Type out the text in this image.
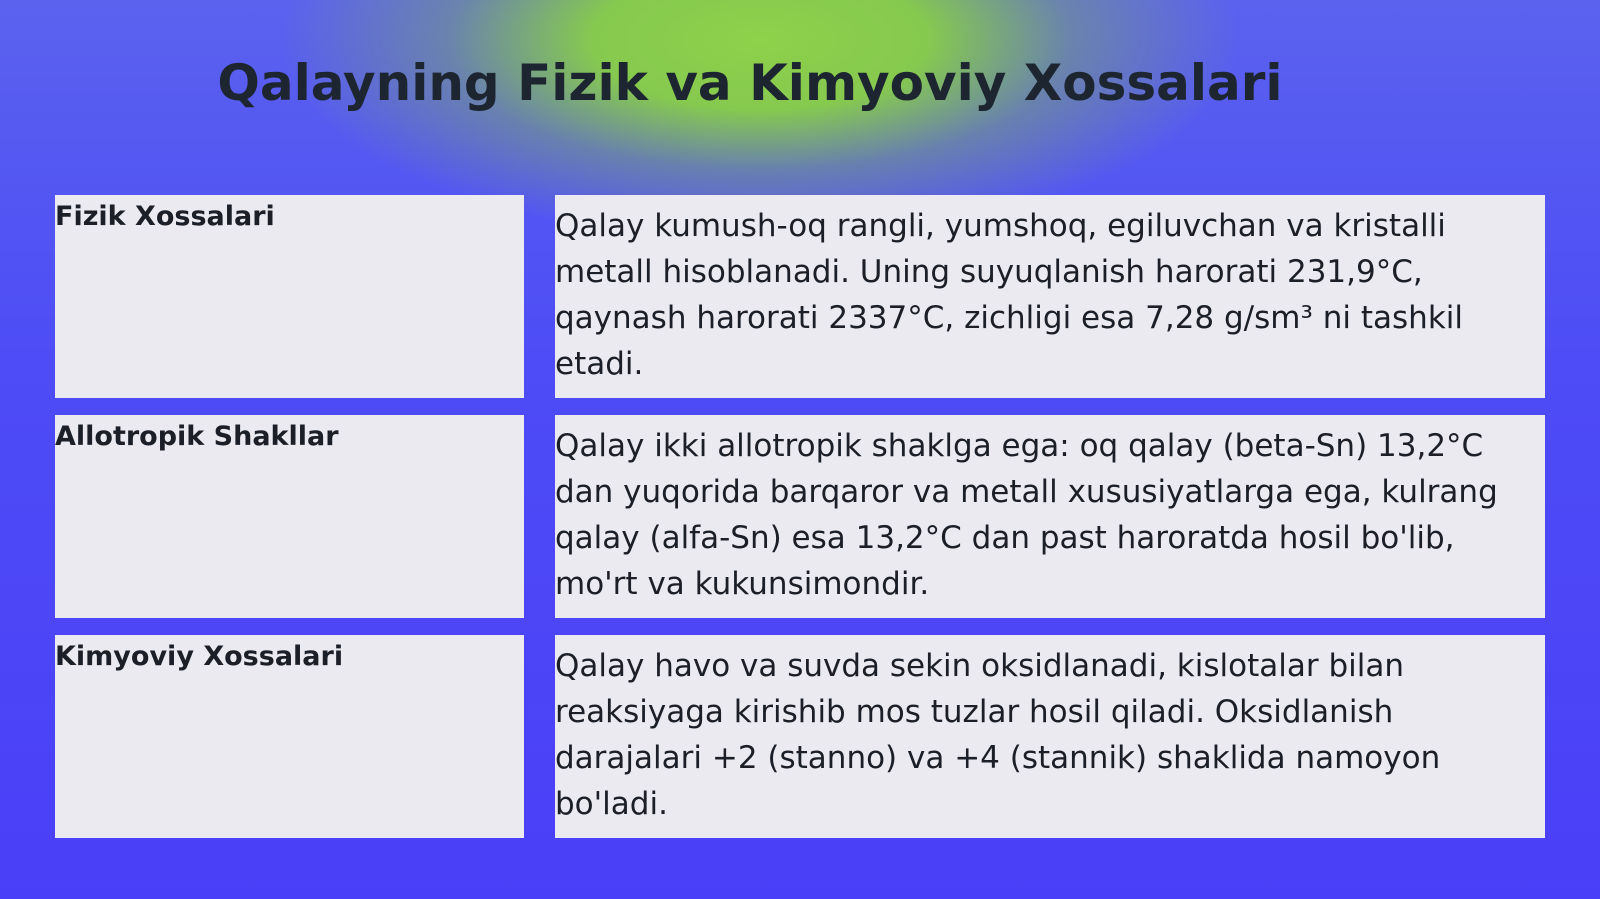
Qalayning Fizik va Kimyoviy Xossalari
Fizik Xossalari	Qalay kumush-oq rangli, yumshoq, egiluvchan va kristalli metall hisoblanadi. Uning suyuqlanish harorati 231,9°C, qaynash harorati 2337°C, zichligi esa 7,28 g/sm³ ni tashkil etadi.
Allotropik Shakllar	Qalay ikki allotropik shaklga ega: oq qalay (beta-Sn) 13,2°C dan yuqorida barqaror va metall xususiyatlarga ega, kulrang qalay (alfa-Sn) esa 13,2°C dan past haroratda hosil bo'lib, mo'rt va kukunsimondir.
Kimyoviy Xossalari	Qalay havo va suvda sekin oksidlanadi, kislotalar bilan reaksiyaga kirishib mos tuzlar hosil qiladi. Oksidlanish darajalari +2 (stanno) va +4 (stannik) shaklida namoyon bo'ladi.
